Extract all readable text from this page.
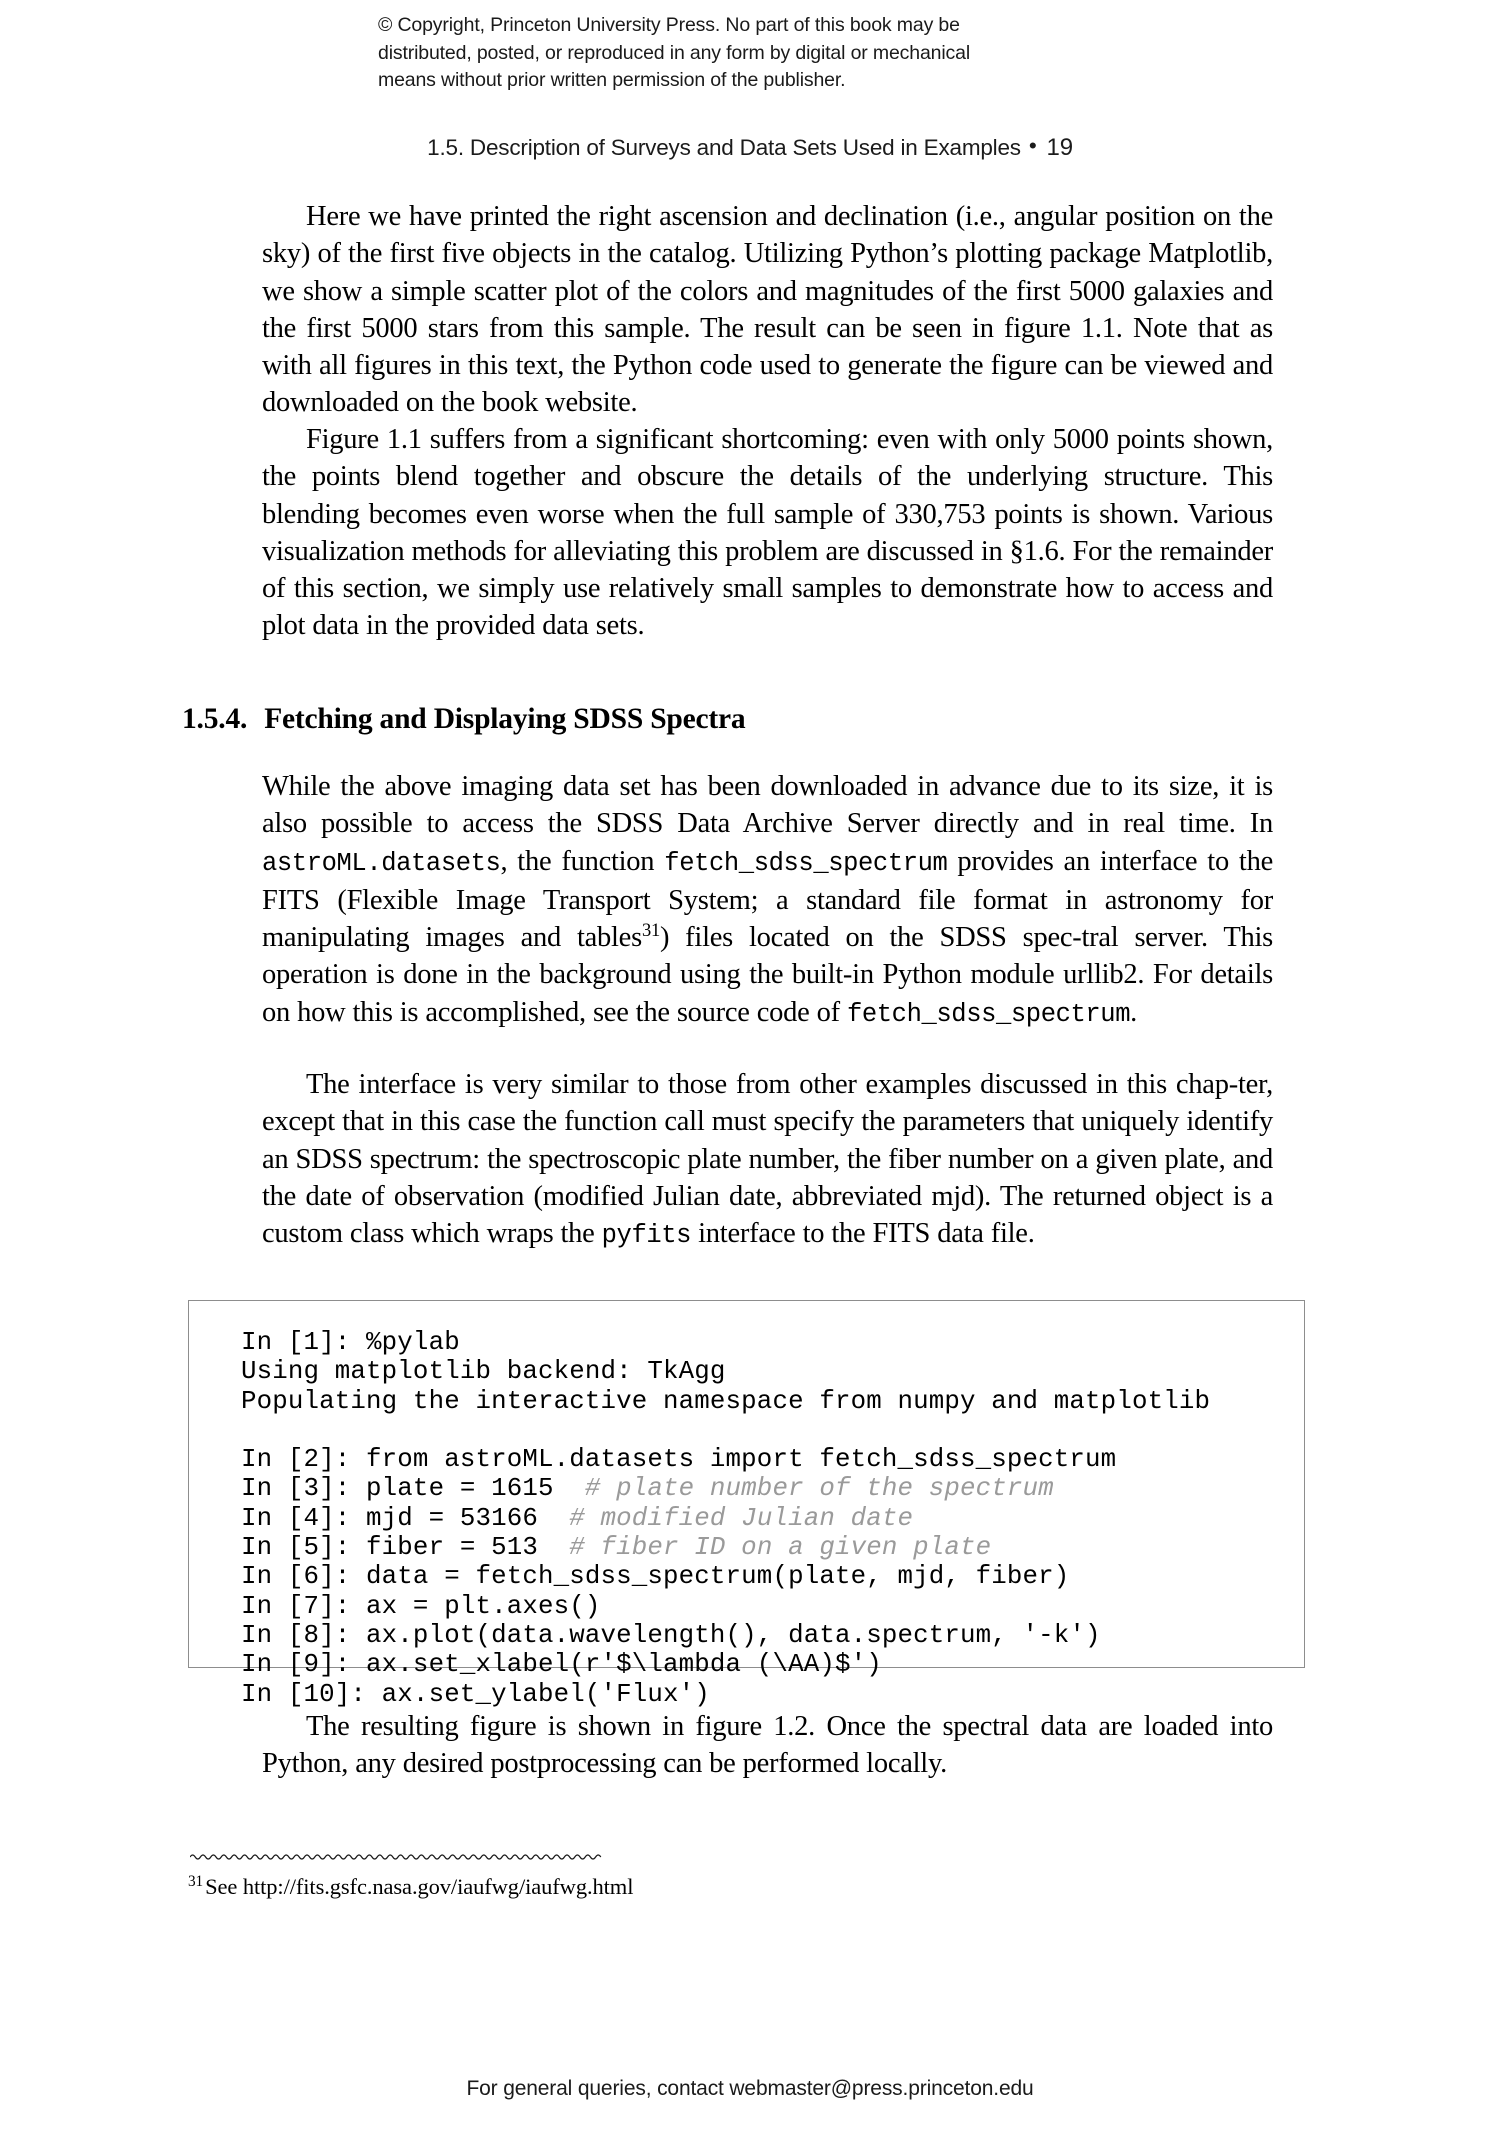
© Copyright, Princeton University Press. No part of this book may be
distributed, posted, or reproduced in any form by digital or mechanical
means without prior written permission of the publisher.
1.5. Description of Surveys and Data Sets Used in Examples • 19

Here we have printed the right ascension and declination (i.e., angular position on the sky) of the first five objects in the catalog. Utilizing Python’s plotting package Matplotlib, we show a simple scatter plot of the colors and magnitudes of the first 5000 galaxies and the first 5000 stars from this sample. The result can be seen in figure 1.1. Note that as with all figures in this text, the Python code used to generate the figure can be viewed and downloaded on the book website.

Figure 1.1 suffers from a significant shortcoming: even with only 5000 points shown, the points blend together and obscure the details of the underlying structure. This blending becomes even worse when the full sample of 330,753 points is shown. Various visualization methods for alleviating this problem are discussed in §1.6. For the remainder of this section, we simply use relatively small samples to demonstrate how to access and plot data in the provided data sets.

1.5.4. Fetching and Displaying SDSS Spectra

While the above imaging data set has been downloaded in advance due to its size, it is also possible to access the SDSS Data Archive Server directly and in real time. In astroML.datasets, the function fetch_sdss_spectrum provides an interface to the FITS (Flexible Image Transport System; a standard file format in astronomy for manipulating images and tables$^{31}$) files located on the SDSS spec-tral server. This operation is done in the background using the built-in Python module urllib2. For details on how this is accomplished, see the source code of fetch_sdss_spectrum.

The interface is very similar to those from other examples discussed in this chap-ter, except that in this case the function call must specify the parameters that uniquely identify an SDSS spectrum: the spectroscopic plate number, the fiber number on a given plate, and the date of observation (modified Julian date, abbreviated mjd). The returned object is a custom class which wraps the pyfits interface to the FITS data file.

In [1]: %pylab
Using matplotlib backend: TkAgg
Populating the interactive namespace from numpy and matplotlib

In [2]: from astroML.datasets import fetch_sdss_spectrum
In [3]: plate = 1615  # plate number of the spectrum
In [4]: mjd = 53166  # modified Julian date
In [5]: fiber = 513  # fiber ID on a given plate
In [6]: data = fetch_sdss_spectrum(plate, mjd, fiber)
In [7]: ax = plt.axes()
In [8]: ax.plot(data.wavelength(), data.spectrum, '-k')
In [9]: ax.set_xlabel(r'$\lambda (\AA)$')
In [10]: ax.set_ylabel('Flux')

The resulting figure is shown in figure 1.2. Once the spectral data are loaded into Python, any desired postprocessing can be performed locally.

$^{31}$See http://fits.gsfc.nasa.gov/iaufwg/iaufwg.html
For general queries, contact webmaster@press.princeton.edu
